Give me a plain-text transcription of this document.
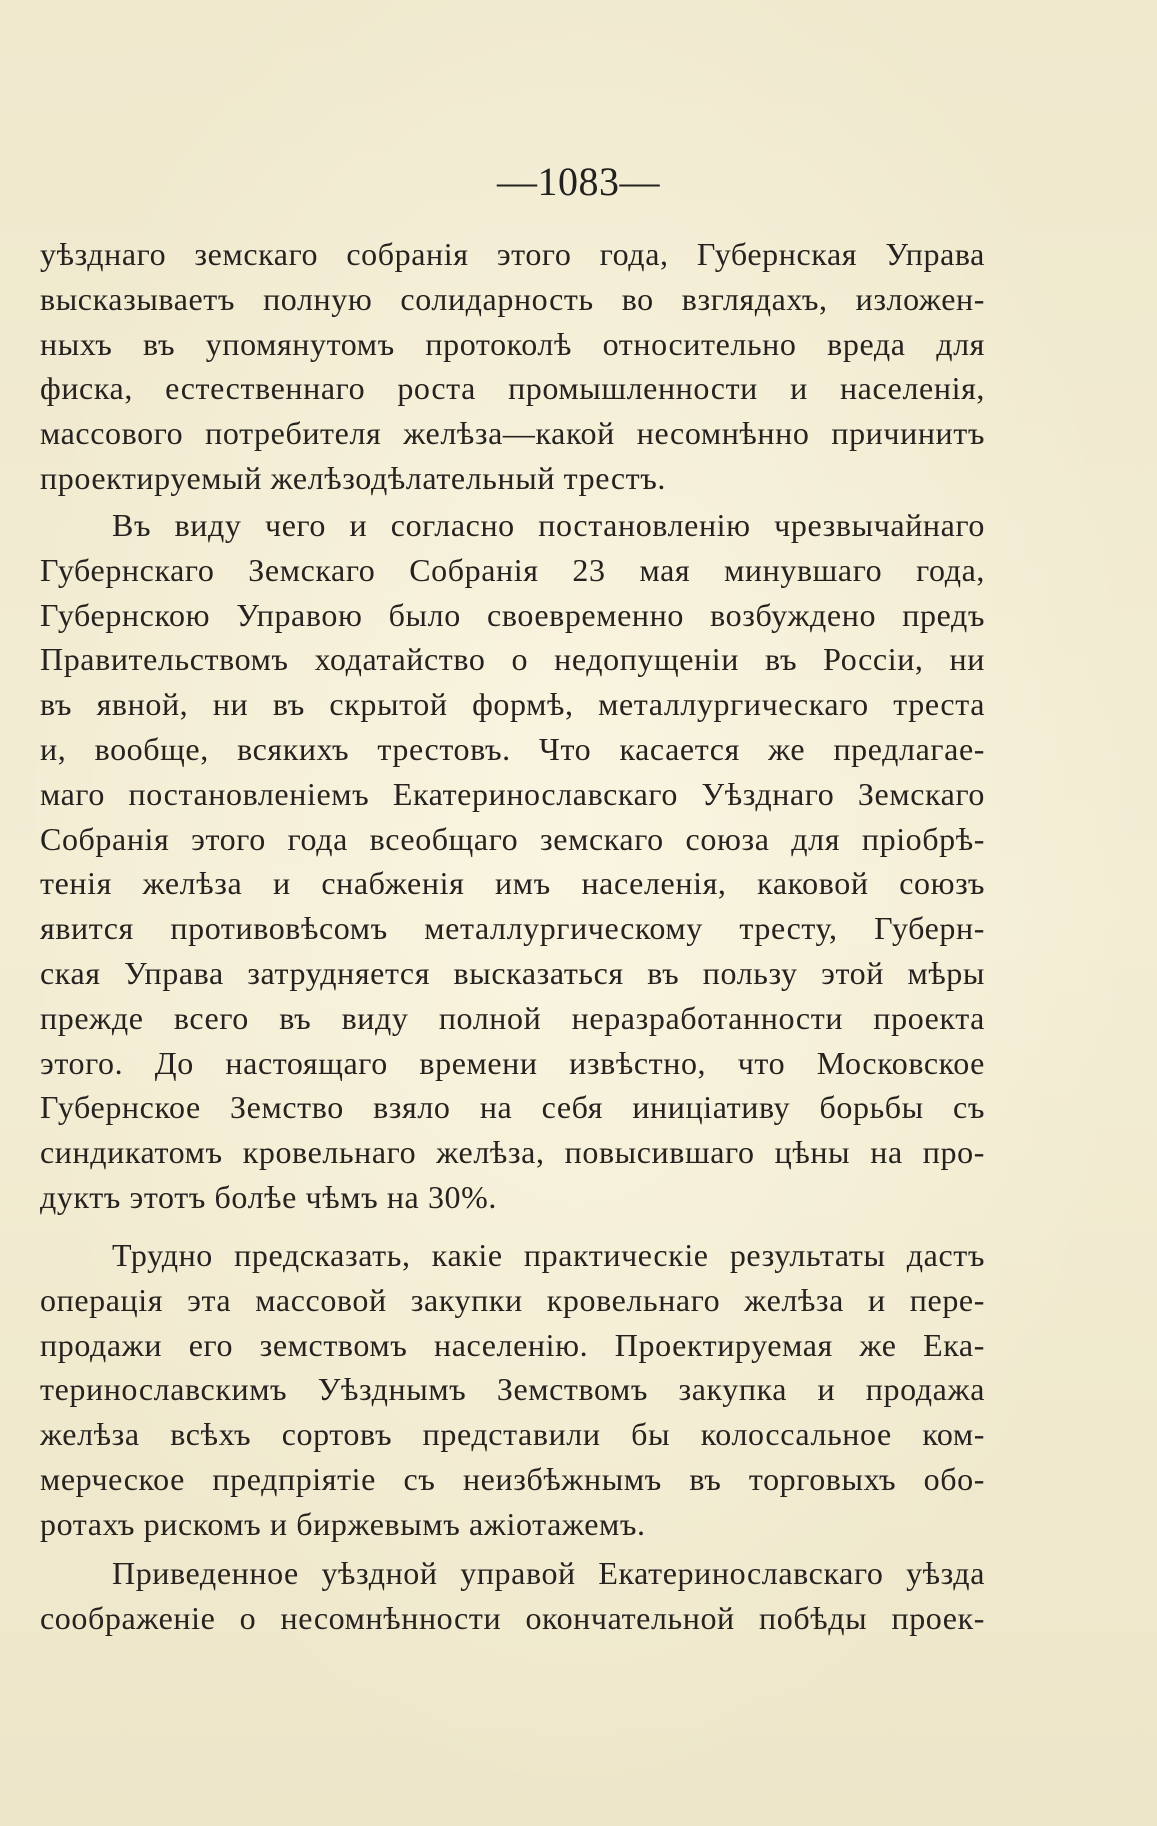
—1083—
уѣзднаго земскаго собранія этого года, Губернская Управа
высказываетъ полную солидарность во взглядахъ, изложен-
ныхъ въ упомянутомъ протоколѣ относительно вреда для
фиска, естественнаго роста промышленности и населенія,
массового потребителя желѣза—какой несомнѣнно причинитъ
проектируемый желѣзодѣлательный трестъ.
Въ виду чего и согласно постановленію чрезвычайнаго
Губернскаго Земскаго Собранія 23 мая минувшаго года,
Губернскою Управою было своевременно возбуждено предъ
Правительствомъ ходатайство о недопущеніи въ Россіи, ни
въ явной, ни въ скрытой формѣ, металлургическаго треста
и, вообще, всякихъ трестовъ. Что касается же предлагае-
маго постановленіемъ Екатеринославскаго Уѣзднаго Земскаго
Собранія этого года всеобщаго земскаго союза для пріобрѣ-
тенія желѣза и снабженія имъ населенія, каковой союзъ
явится противовѣсомъ металлургическому тресту, Губерн-
ская Управа затрудняется высказаться въ пользу этой мѣры
прежде всего въ виду полной неразработанности проекта
этого. До настоящаго времени извѣстно, что Московское
Губернское Земство взяло на себя иниціативу борьбы съ
синдикатомъ кровельнаго желѣза, повысившаго цѣны на про-
дуктъ этотъ болѣе чѣмъ на 30%.
Трудно предсказать, какіе практическіе результаты дастъ
операція эта массовой закупки кровельнаго желѣза и пере-
продажи его земствомъ населенію. Проектируемая же Ека-
теринославскимъ Уѣзднымъ Земствомъ закупка и продажа
желѣза всѣхъ сортовъ представили бы колоссальное ком-
мерческое предпріятіе съ неизбѣжнымъ въ торговыхъ обо-
ротахъ рискомъ и биржевымъ ажіотажемъ.
Приведенное уѣздной управой Екатеринославскаго уѣзда
соображеніе о несомнѣнности окончательной побѣды проек-
